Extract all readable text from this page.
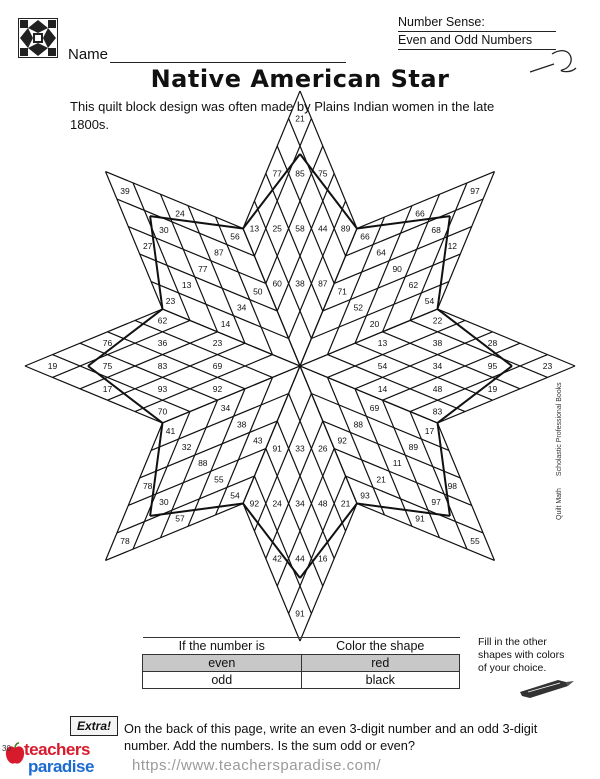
Name
Number Sense:
Even and Odd Numbers
Native American Star
This quilt block design was often made by Plains Indian women in the late 1800s.
87
89
38
44
60
58
75
25
85
13
77
21
20
54
52
62
71
90
12
64
68
66
66
97
14
83
54
48
13
34
19
38
95
22
28
23
92
93
88
21
69
11
91
89
97
17
98
55
91
92
33
24
26
34
42
48
44
21
16
91
34
41
38
32
43
88
78
55
30
54
57
78
23
62
69
36
92
83
76
93
75
70
17
19
50
56
34
87
14
77
24
13
30
23
27
39
If the number is	Color the shape
even	red
odd	black
Fill in the other shapes with colors of your choice.
Extra!	On the back of this page, write an even 3-digit number and an odd 3-digit number. Add the numbers. Is the sum odd or even?
Quilt MathScholastic Professional Books
30 teachers
paradise	https://www.teachersparadise.com/
